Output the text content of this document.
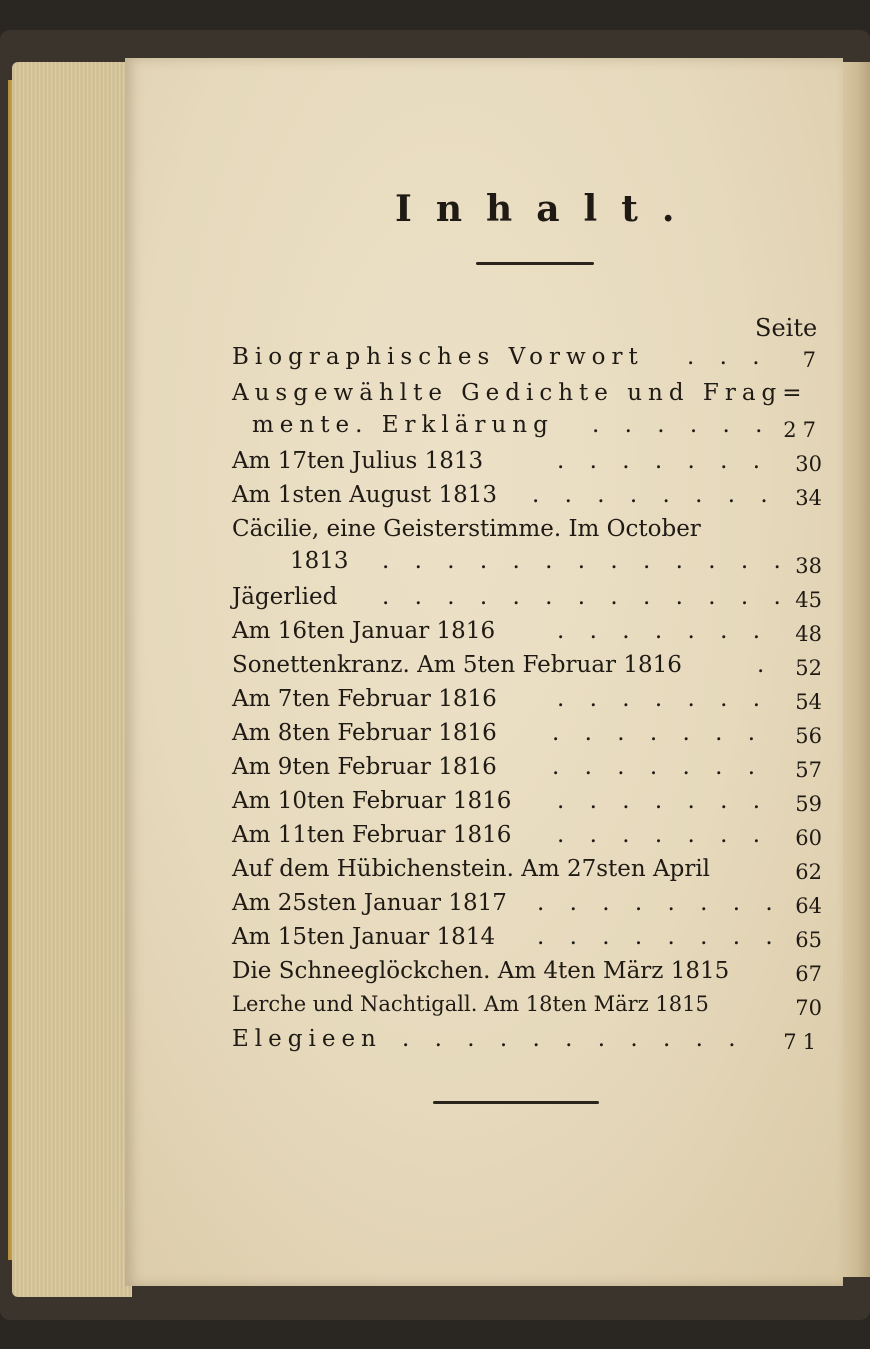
Inhalt.
Seite
Biographisches Vorwort . . . 7
Ausgewählte Gedichte und Frag=
mente. Erklärung . . . . . . 27
Am 17ten Julius 1813	. . . . . . . 30
Am 1sten August 1813 . . . . . . . . 34
Cäcilie, eine Geisterstimme. Im October
1813 . . . . . . . . . . . . . 38
Jägerlied . . . . . . . . . . . . . 45
Am 16ten Januar 1816	. . . . . . . 48
Sonettenkranz. Am 5ten Februar 1816	. 52
Am 7ten Februar 1816	. . . . . . . 54
Am 8ten Februar 1816 . . . . . . . 56
Am 9ten Februar 1816 . . . . . . . 57
Am 10ten Februar 1816 . . . . . . . 59
Am 11ten Februar 1816 . . . . . . . 60
Auf dem Hübichenstein. Am 27sten April	62
Am 25sten Januar 1817 . . . . . . . . 64
Am 15ten Januar 1814 . . . . . . . . 65
Die Schneeglöckchen. Am 4ten März 1815	67
Lerche und Nachtigall. Am 18ten März 1815	70
Elegieen . . . . . . . . . . . 71
